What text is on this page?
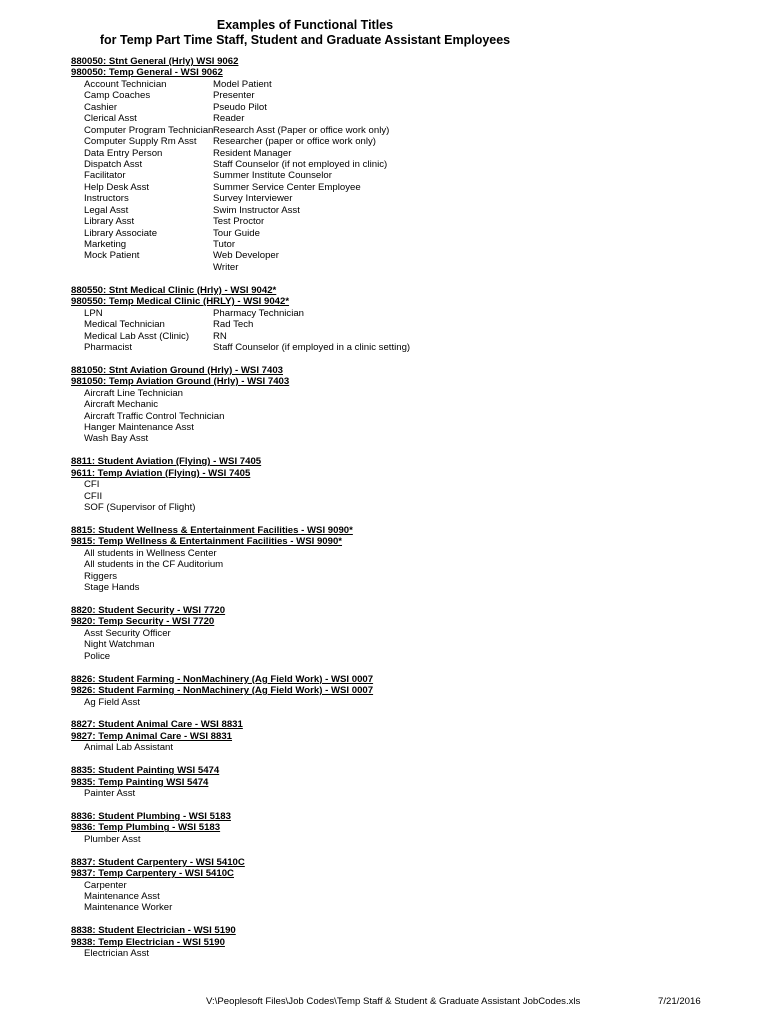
Examples of Functional Titles
for Temp Part Time Staff, Student and Graduate Assistant Employees
880050: Stnt General (Hrly) WSI 9062
980050: Temp General - WSI 9062
Account Technician
Camp Coaches
Cashier
Clerical Asst
Computer Program Technician
Computer Supply Rm Asst
Data Entry Person
Dispatch Asst
Facilitator
Help Desk Asst
Instructors
Legal Asst
Library Asst
Library Associate
Marketing
Mock Patient
Model Patient
Presenter
Pseudo Pilot
Reader
Research Asst (Paper or office work only)
Researcher (paper or office work only)
Resident Manager
Staff Counselor (if not employed in clinic)
Summer Institute Counselor
Summer Service Center Employee
Survey Interviewer
Swim Instructor Asst
Test Proctor
Tour Guide
Tutor
Web Developer
Writer
880550: Stnt Medical Clinic (Hrly) - WSI 9042*
980550: Temp Medical Clinic (HRLY) - WSI 9042*
LPN
Medical Technician
Medical Lab Asst (Clinic)
Pharmacist
Pharmacy Technician
Rad Tech
RN
Staff Counselor (if employed in a clinic setting)
881050: Stnt Aviation Ground (Hrly) - WSI 7403
981050: Temp Aviation Ground (Hrly) - WSI 7403
Aircraft Line Technician
Aircraft Mechanic
Aircraft Traffic Control Technician
Hanger Maintenance Asst
Wash Bay Asst
8811: Student Aviation (Flying) - WSI 7405
9611: Temp Aviation (Flying) - WSI 7405
CFI
CFII
SOF (Supervisor of Flight)
8815: Student Wellness & Entertainment Facilities - WSI 9090*
9815: Temp Wellness & Entertainment Facilities - WSI 9090*
All students in Wellness Center
All students in the CF Auditorium
Riggers
Stage Hands
8820: Student Security - WSI 7720
9820: Temp Security - WSI 7720
Asst Security Officer
Night Watchman
Police
8826: Student Farming - NonMachinery (Ag Field Work) - WSI 0007
9826: Student Farming - NonMachinery (Ag Field Work) - WSI 0007
Ag Field Asst
8827: Student Animal Care - WSI 8831
9827: Temp Animal Care - WSI 8831
Animal Lab Assistant
8835: Student Painting WSI 5474
9835: Temp Painting WSI 5474
Painter Asst
8836: Student Plumbing - WSI 5183
9836: Temp Plumbing - WSI 5183
Plumber Asst
8837: Student Carpentery - WSI 5410C
9837: Temp Carpentery - WSI 5410C
Carpenter
Maintenance Asst
Maintenance Worker
8838: Student Electrician - WSI 5190
9838: Temp Electrician - WSI 5190
Electrician Asst
V:\Peoplesoft Files\Job Codes\Temp Staff & Student & Graduate Assistant JobCodes.xls	7/21/2016
